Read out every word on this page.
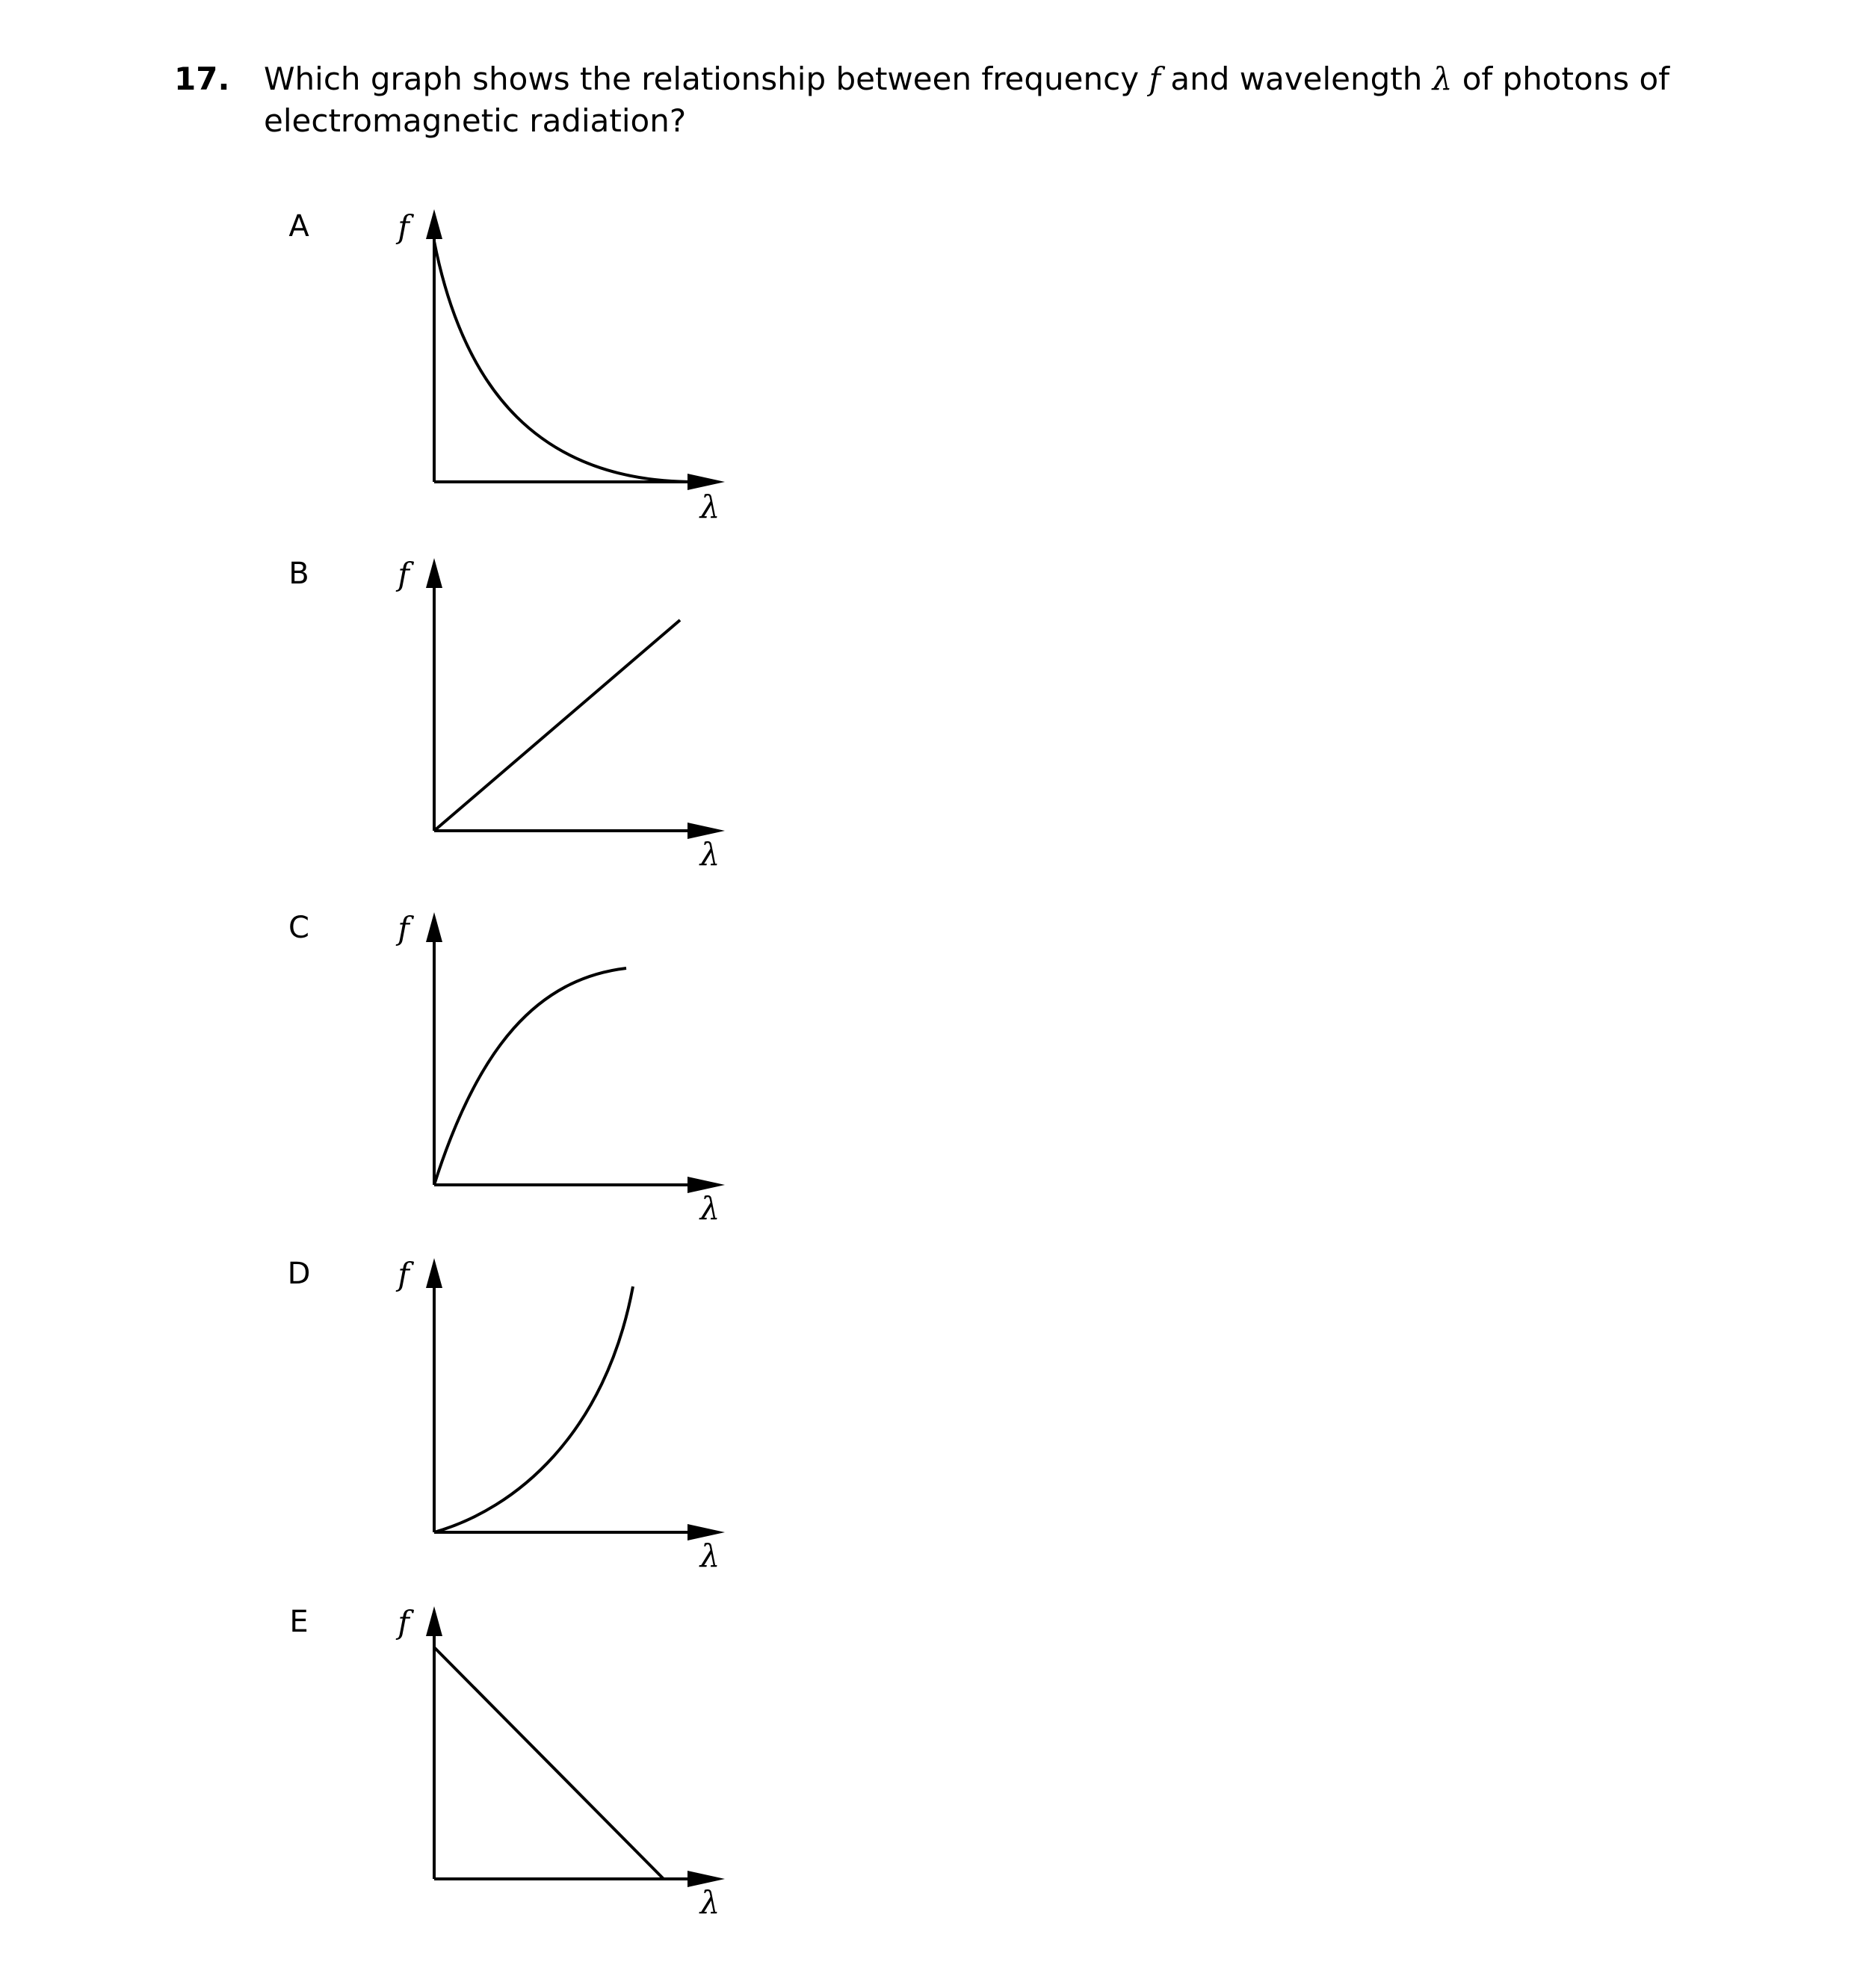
17. Which graph shows the relationship between frequency f and wavelength λ of photons of
electromagnetic radiation?
A	f
λ
B	f
λ
C	f
λ
D	f
λ
E	f
λ
